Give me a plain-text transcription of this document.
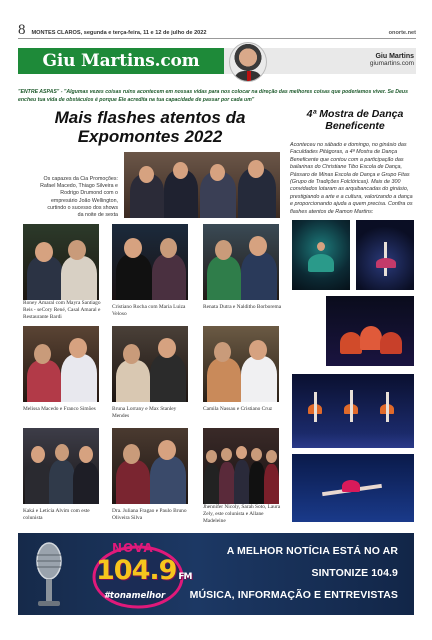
8 MONTES CLAROS, segunda e terça-feira, 11 e 12 de julho de 2022	onorte.net
Giu Martins.com	Giu Martins
giumartins.com
"ENTRE ASPAS" - "Algumas vezes coisas ruins acontecem em nossas vidas para nos colocar na direção das melhores coisas que poderíamos viver. Se Deus encheu tua vida de obstáculos é porque Ele acredita na tua capacidade de passar por cada um"
Mais flashes atentos da Expomontes 2022
Os capazes da Cia Promoções: Rafael Macedo, Thiago Silveira e Rodrigo Drumond com o empresário João Wellington, curtindo o sucesso dos shows da noite de sexta
Roney Amaral com Mayra Santiago Reis - seCory René, Casal Amaral e Restaurante Bardi
Cristiano Rocha com Maria Luiza Veloso
Renata Dutra e Nalditho Borborema
Melissa Macedo e Franco Simões	Bruna Lorrany e Max Stanley Mendes
Camila Nassau e Cristiano Cruz
Kaká e Leticia Alvim com este colunista
Dra. Juliana Fragao e Paulo Bruno Oliveira Silva
Jhennifer Nicoly, Sarah Soto, Laura Zely, este colunista e Allane Madeleine
4ª Mostra de Dança Beneficente
Aconteceu no sábado e domingo, no ginásio das Faculdades Pitágoras, a 4ª Mostra de Dança Beneficente que contou com a participação das bailarinas do Christiane Tibo Escola de Dança, Pássaro de Minas Escola de Dança e Grupo Fitas (Grupo de Tradições Folclóricas). Mais de 300 convidados lotaram as arquibancadas do ginásio, prestigiando a arte e a cultura, valorizando a dança e proporcionando ajuda a quem precisa. Confira os flashes atentos de Ramon Martins:
NOVA
104.9 FM
#tonamelhor
A MELHOR NOTÍCIA ESTÁ NO AR
SINTONIZE 104.9
MÚSICA, INFORMAÇÃO E ENTREVISTAS
